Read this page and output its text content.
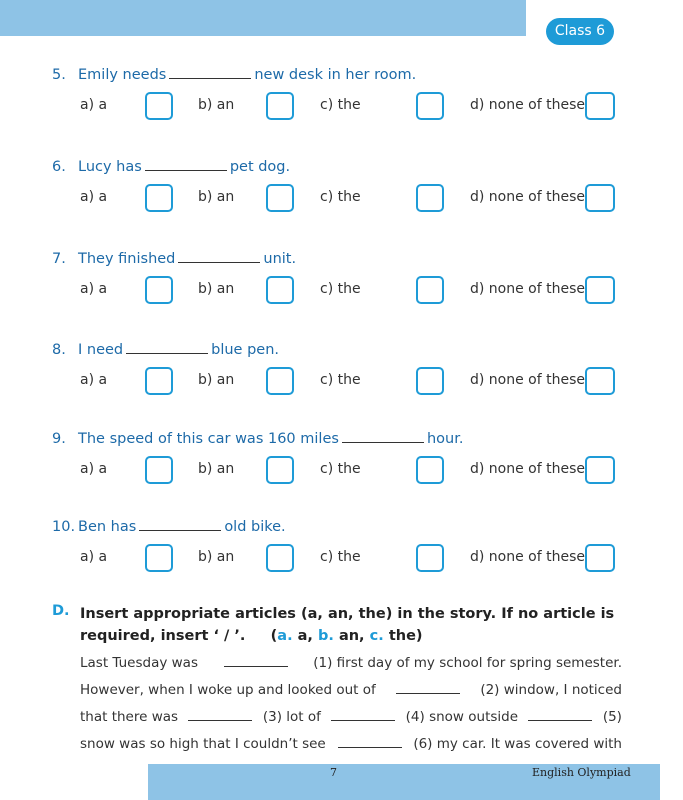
Class 6
5. Emily needs	new desk in her room.
a) a	b) an	c) the	d) none of these
6. Lucy has	pet dog.
a) a	b) an	c) the	d) none of these
7. They finished	unit.
a) a	b) an	c) the	d) none of these
8. I need	blue pen.
a) a	b) an	c) the	d) none of these
9. The speed of this car was 160 miles	hour.
a) a	b) an	c) the	d) none of these
10. Ben has	old bike.
a) a	b) an	c) the	d) none of these
D. Insert appropriate articles (a, an, the) in the story. If no article is required, insert ‘ / ’. (a. a, b. an, c. the)
Last Tuesday was	(1) first day of my school for spring semester.
However, when I woke up and looked out of	(2) window, I noticed
that there was	(3) lot of	(4) snow outside	(5)
snow was so high that I couldn’t see	(6) my car. It was covered with
7	English Olympiad
